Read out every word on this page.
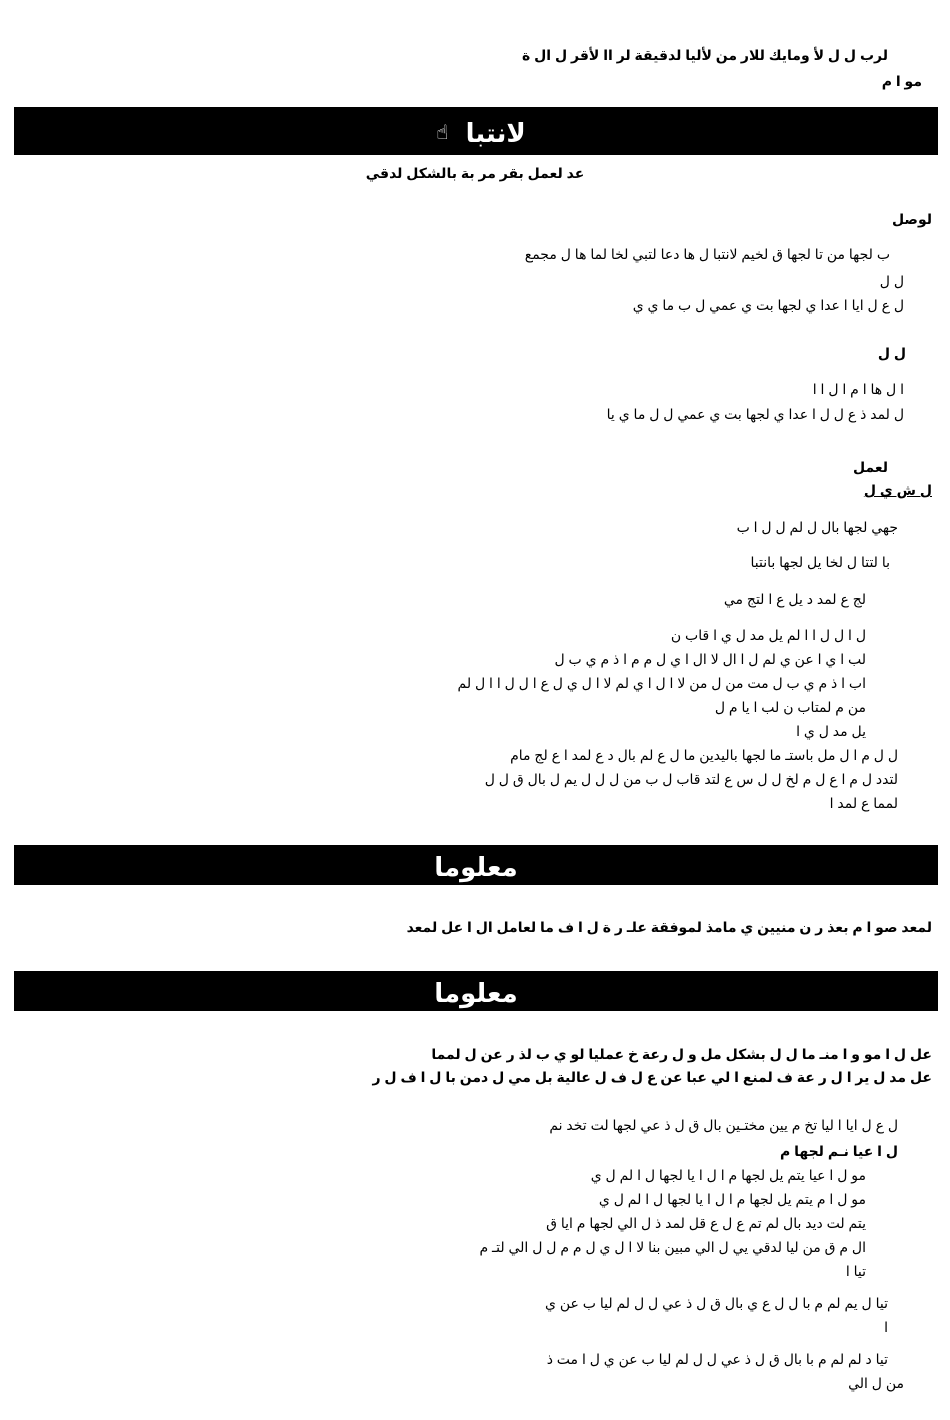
لرب ل ل لأ ومايك للار من لأليا لدقيقة لر اا لأقر ل ال ة
مو ا م
لانتبا ☝
عد لعمل بقر مر بة بالشكل لدقي
لوصل
ب لجها من تا لجها ق لخيم لانتبا ل ها دعا لتبي لخا لما ها ل مجمع
ل ل
ل ع ل ايا ا عدا ي لجها بت ي عمي ل ب ما ي ي
ل ل
ا ل ها ا م ا ل ا ا
ل لمد ذ ع ل ل ا عدا ي لجها بت ي عمي ل ل ما ي يا
لعمل
ل ش ي ل
جهي لجها بال ل لم ل ل ا ب
با لتتا ل لخا يل لجها بانتبا
لج ع لمد د يل ع ا لتج مي
ل ا ل ل ا ا لم يل مد ل ي ا قاب ن
لب ا ي ا عن ي لم ل ا ال لا ال ا ي ل م م ا ذ م ي ب ل
اب ا ذ م ي ب ل مت من ل من لا ا ل ا ي لم لا ا ل ي ل ع ا ل ل ا ا ل لم
من م لمتاب ن لب ا يا م ل
يل مد ل ي ا
ل ل م ا ل مل باستـ ما لجها باليدين ما ل ع لم بال د ع لمد ا ع لج مام
لتدد ل م ا ع ل م لخ ل ل س ع لتد قاب ل ب من ل ل ل يم ل بال ق ل ل
لمما ع لمد ا
معلوما
لمعد صو ا م بعذ ر ن منيين ي مامذ لموفقة علـ ر ة ل ا ف ما لعامل ال ا عل لمعد
معلوما
عل ل ا مو و ا منـ ما ل ل بشكل مل و ل رعة خ عمليا لو ي ب لذ ر عن ل لمما
عل مد ل ير ا ل ر عة ف لمنع ا لي عبا عن ع ل ف ل عالية بل مي ل دمن با ل ا ف ل ر
ل ع ل ايا ا ليا تخ م يين مختـين بال ق ل ذ عي لجها لت تخد نم
ل ا عيا نـم لجها م
مو ل ا عيا يتم يل لجها م ا ل ا يا لجها ل ا لم ل ي
مو ل ا م يتم يل لجها م ا ل ا يا لجها ل ا لم ل ي
يتم لت ديد بال لم تم ع ل ع قل لمد ذ ل الي لجها م ايا ق
ال م ق من ليا لدقي يي ل الي مبين بنا لا ا ل ي ل م م ل ل الي لتـ م
تيا ا
تيا ل يم لم م با ل ل ع ي بال ق ل ذ عي ل ل لم ليا ب عن ي
ا
تيا د لم لم م با بال ق ل ذ عي ل ل لم ليا ب عن ي ل ا مت ذ
من ل الي
